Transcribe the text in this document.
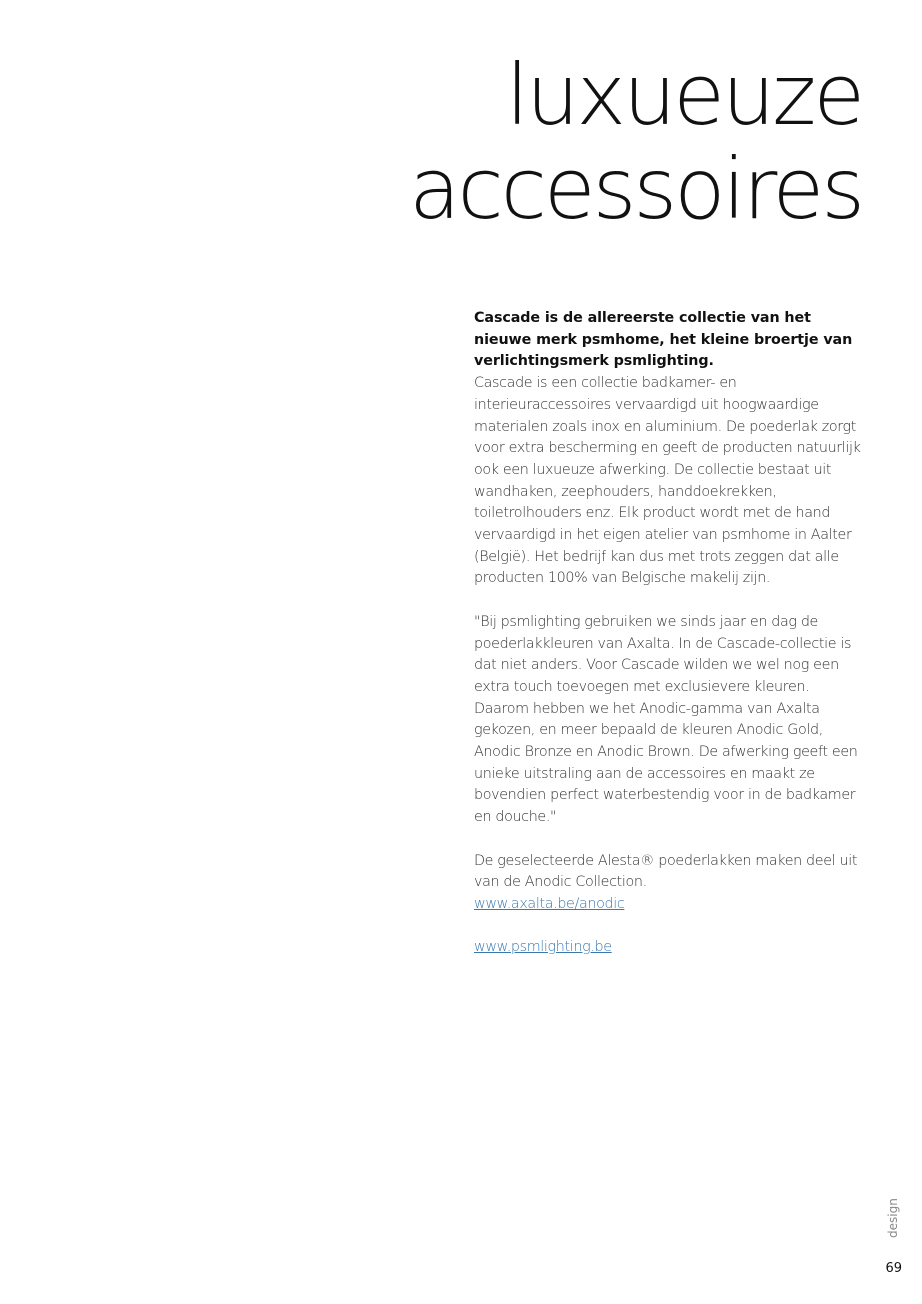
luxueuze
accessoires

Cascade is de allereerste collectie van het nieuwe merk psmhome, het kleine broertje van verlichtingsmerk psmlighting.

Cascade is een collectie badkamer- en interieuraccessoires vervaardigd uit hoogwaardige materialen zoals inox en aluminium. De poederlak zorgt voor extra bescherming en geeft de producten natuurlijk ook een luxueuze afwerking. De collectie bestaat uit wandhaken, zeephouders, handdoekrekken, toiletrolhouders enz. Elk product wordt met de hand vervaardigd in het eigen atelier van psmhome in Aalter (België). Het bedrijf kan dus met trots zeggen dat alle producten 100% van Belgische makelij zijn.

"Bij psmlighting gebruiken we sinds jaar en dag de poederlakkleuren van Axalta. In de Cascade-collectie is dat niet anders. Voor Cascade wilden we wel nog een extra touch toevoegen met exclusievere kleuren. Daarom hebben we het Anodic-gamma van Axalta gekozen, en meer bepaald de kleuren Anodic Gold, Anodic Bronze en Anodic Brown. De afwerking geeft een unieke uitstraling aan de accessoires en maakt ze bovendien perfect waterbestendig voor in de badkamer en douche."

De geselecteerde Alesta® poederlakken maken deel uit van de Anodic Collection.

www.axalta.be/anodic

www.psmlighting.be

design
69
